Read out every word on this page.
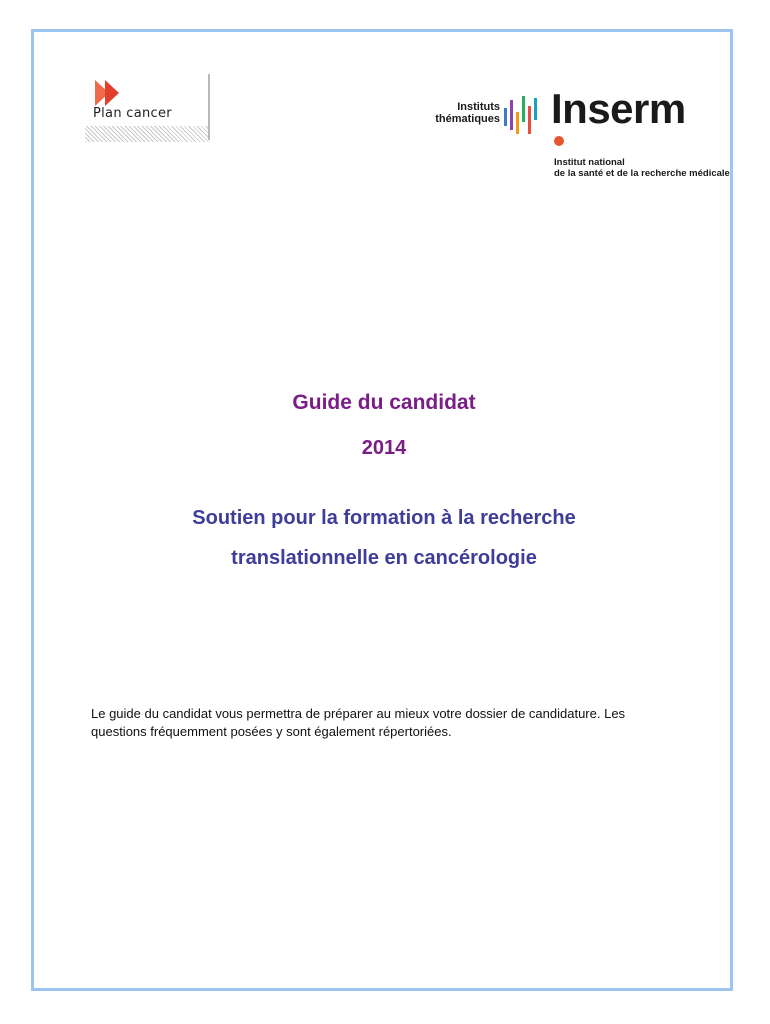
Plan cancer	Instituts
thématiques Inserm
Institut national
de la santé et de la recherche médicale
Guide du candidat
2014
Soutien pour la formation à la recherche
translationnelle en cancérologie
Le guide du candidat vous permettra de préparer au mieux votre dossier de candidature. Les
questions fréquemment posées y sont également répertoriées.
